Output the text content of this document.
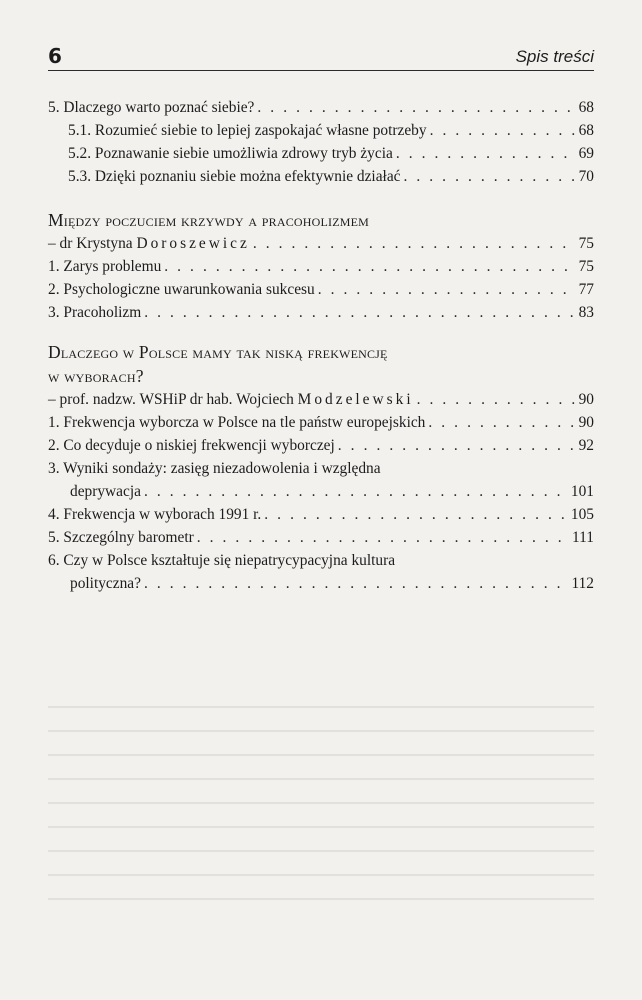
6	Spis treści
5. Dlaczego warto poznać siebie? . . .	68
5.1. Rozumieć siebie to lepiej zaspokajać własne potrzeby . . .	68
5.2. Poznawanie siebie umożliwia zdrowy tryb życia . . .	69
5.3. Dzięki poznaniu siebie można efektywnie działać . . .	70
Między poczuciem krzywdy a pracoholizmem
– dr Krystyna Doroszewicz . . .	75
1. Zarys problemu . . .	75
2. Psychologiczne uwarunkowania sukcesu . . .	77
3. Pracoholizm . . .	83
Dlaczego w Polsce mamy tak niską frekwencję
w wyborach?
– prof. nadzw. WSHiP dr hab. Wojciech Modzelewski . . .	90
1. Frekwencja wyborcza w Polsce na tle państw europejskich . . .	90
2. Co decyduje o niskiej frekwencji wyborczej . . .	92
3. Wyniki sondaży: zasięg niezadowolenia i względna
deprywacja . . .	101
4. Frekwencja w wyborach 1991 r. . . .	105
5. Szczególny barometr . . .	111
6. Czy w Polsce kształtuje się niepatrycypacyjna kultura
polityczna? . . .	112
